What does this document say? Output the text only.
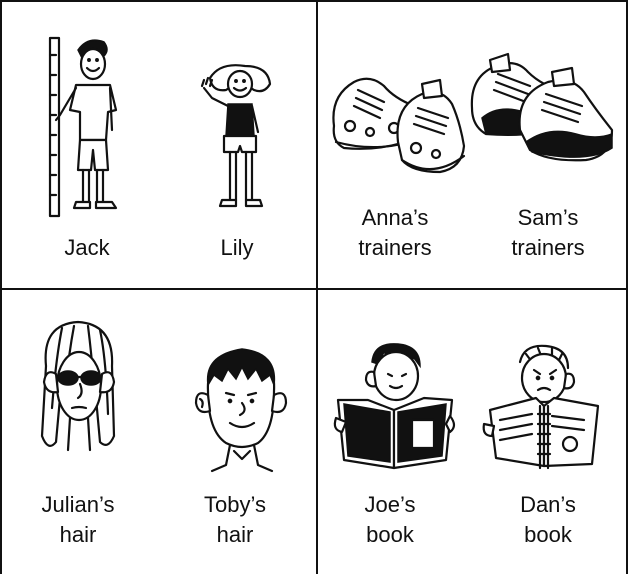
Jack	Lily
Anna’s
trainers
Sam’s
trainers
Julian’s
hair
Toby’s
hair
Joe’s
book
Dan’s
book
